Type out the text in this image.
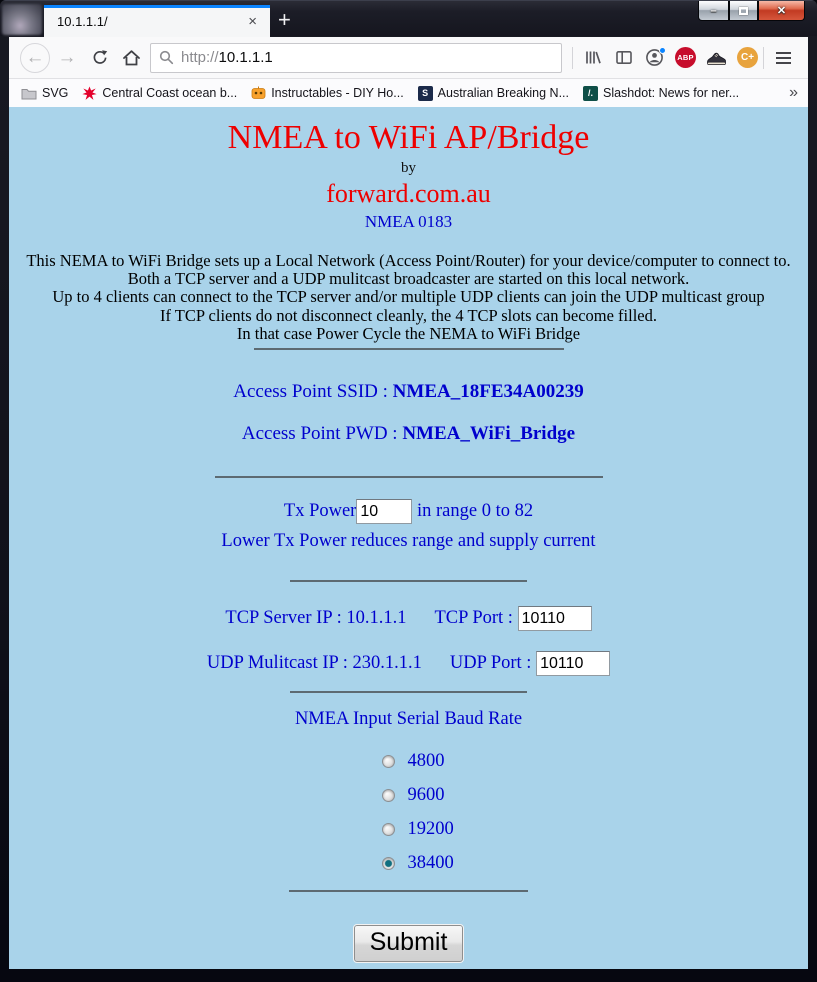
10.1.1.1/	× +	–	✕
← →	http:// 10.1.1.1	ABP	C+
SVG	Central Coast ocean b...	Instructables - DIY Ho...	S Australian Breaking N...	/. Slashdot: News for ner...	»
NMEA to WiFi AP/Bridge
by
forward.com.au
NMEA 0183
This NEMA to WiFi Bridge sets up a Local Network (Access Point/Router) for your device/computer to connect to.
Both a TCP server and a UDP mulitcast broadcaster are started on this local network.
Up to 4 clients can connect to the TCP server and/or multiple UDP clients can join the UDP multicast group
If TCP clients do not disconnect cleanly, the 4 TCP slots can become filled.
In that case Power Cycle the NEMA to WiFi Bridge
Access Point SSID : NMEA_18FE34A00239
Access Point PWD : NMEA_WiFi_Bridge
Tx Power10	in range 0 to 82
Lower Tx Power reduces range and supply current
TCP Server IP : 10.1.1.1 TCP Port : 10110
UDP Mulitcast IP : 230.1.1.1 UDP Port : 10110
NMEA Input Serial Baud Rate
4800
9600
19200
38400
Submit
